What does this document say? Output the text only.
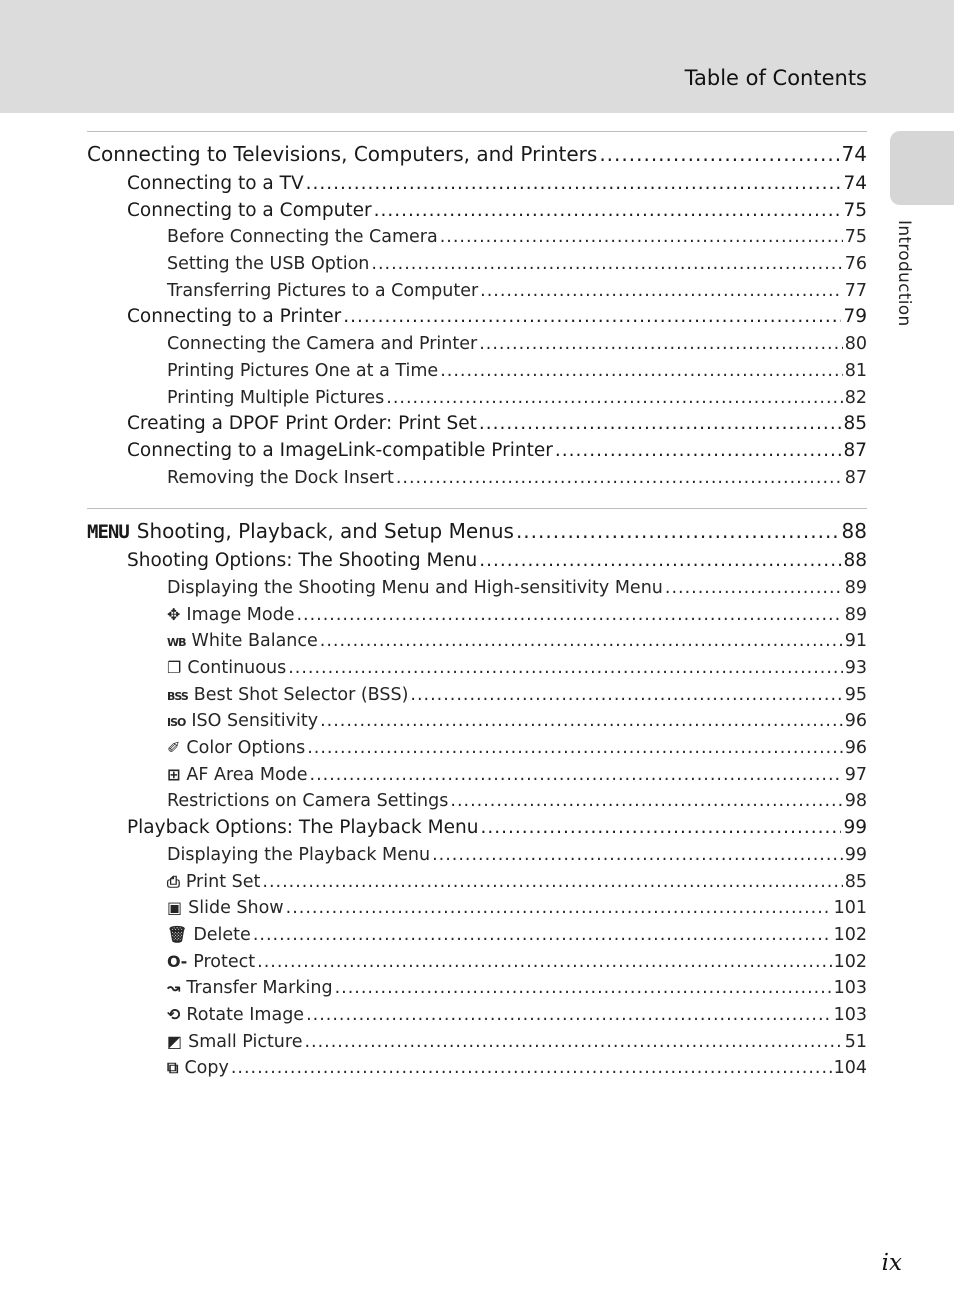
Table of Contents
Introduction
Connecting to Televisions, Computers, and Printers .....	74
Connecting to a TV .....	74
Connecting to a Computer .....	75
Before Connecting the Camera .....	75
Setting the USB Option .....	76
Transferring Pictures to a Computer .....	77
Connecting to a Printer .....	79
Connecting the Camera and Printer .....	80
Printing Pictures One at a Time .....	81
Printing Multiple Pictures .....	82
Creating a DPOF Print Order: Print Set .....	85
Connecting to a ImageLink-compatible Printer .....	87
Removing the Dock Insert .....	87
MENU Shooting, Playback, and Setup Menus .....	88
Shooting Options: The Shooting Menu .....	88
Displaying the Shooting Menu and High-sensitivity Menu .....	89
✥ Image Mode .....	89
WB White Balance .....	91
❐ Continuous .....	93
BSS Best Shot Selector (BSS) .....	95
ISO ISO Sensitivity .....	96
✐ Color Options .....	96
⊞ AF Area Mode .....	97
Restrictions on Camera Settings .....	98
Playback Options: The Playback Menu .....	99
Displaying the Playback Menu .....	99
⎙ Print Set .....	85
▣ Slide Show .....	101
🗑 Delete .....	102
O‑ Protect .....	102
↝ Transfer Marking .....	103
⟲ Rotate Image .....	103
◩ Small Picture .....	51
⧉ Copy .....	104
ix
